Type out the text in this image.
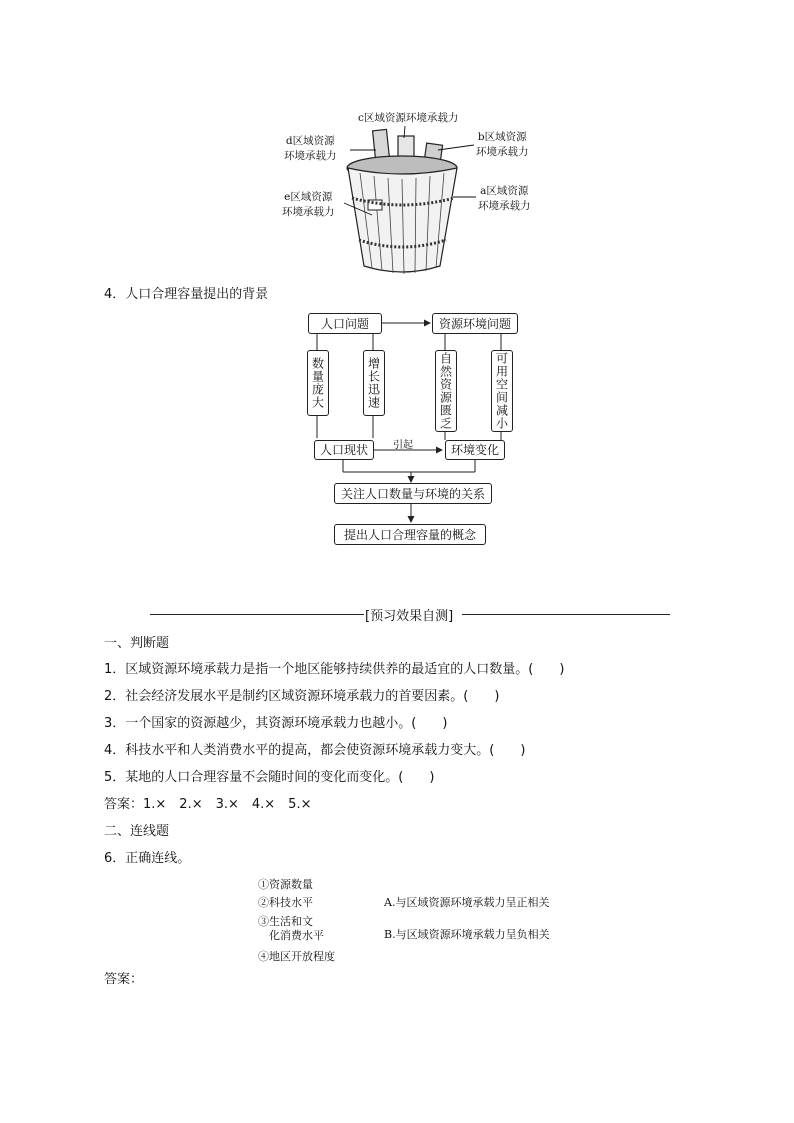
c区域资源环境承载力
d区域资源
环境承载力
b区域资源
环境承载力
e区域资源
环境承载力
a区域资源
环境承载力
4．人口合理容量提出的背景
人口问题	资源环境问题
数量庞大	增长迅速	自然资源匮乏	可用空间减小
人口现状	引起	环境变化
关注人口数量与环境的关系
提出人口合理容量的概念
[预习效果自测]
一、判断题
1．区域资源环境承载力是指一个地区能够持续供养的最适宜的人口数量。(　　)
2．社会经济发展水平是制约区域资源环境承载力的首要因素。(　　)
3．一个国家的资源越少，其资源环境承载力也越小。(　　)
4．科技水平和人类消费水平的提高，都会使资源环境承载力变大。(　　)
5．某地的人口合理容量不会随时间的变化而变化。(　　)
答案：1.×　2.×　3.×　4.×　5.×
二、连线题
6．正确连线。
①资源数量
②科技水平
③生活和文
　化消费水平
④地区开放程度
A.与区域资源环境承载力呈正相关
B.与区域资源环境承载力呈负相关
答案：
